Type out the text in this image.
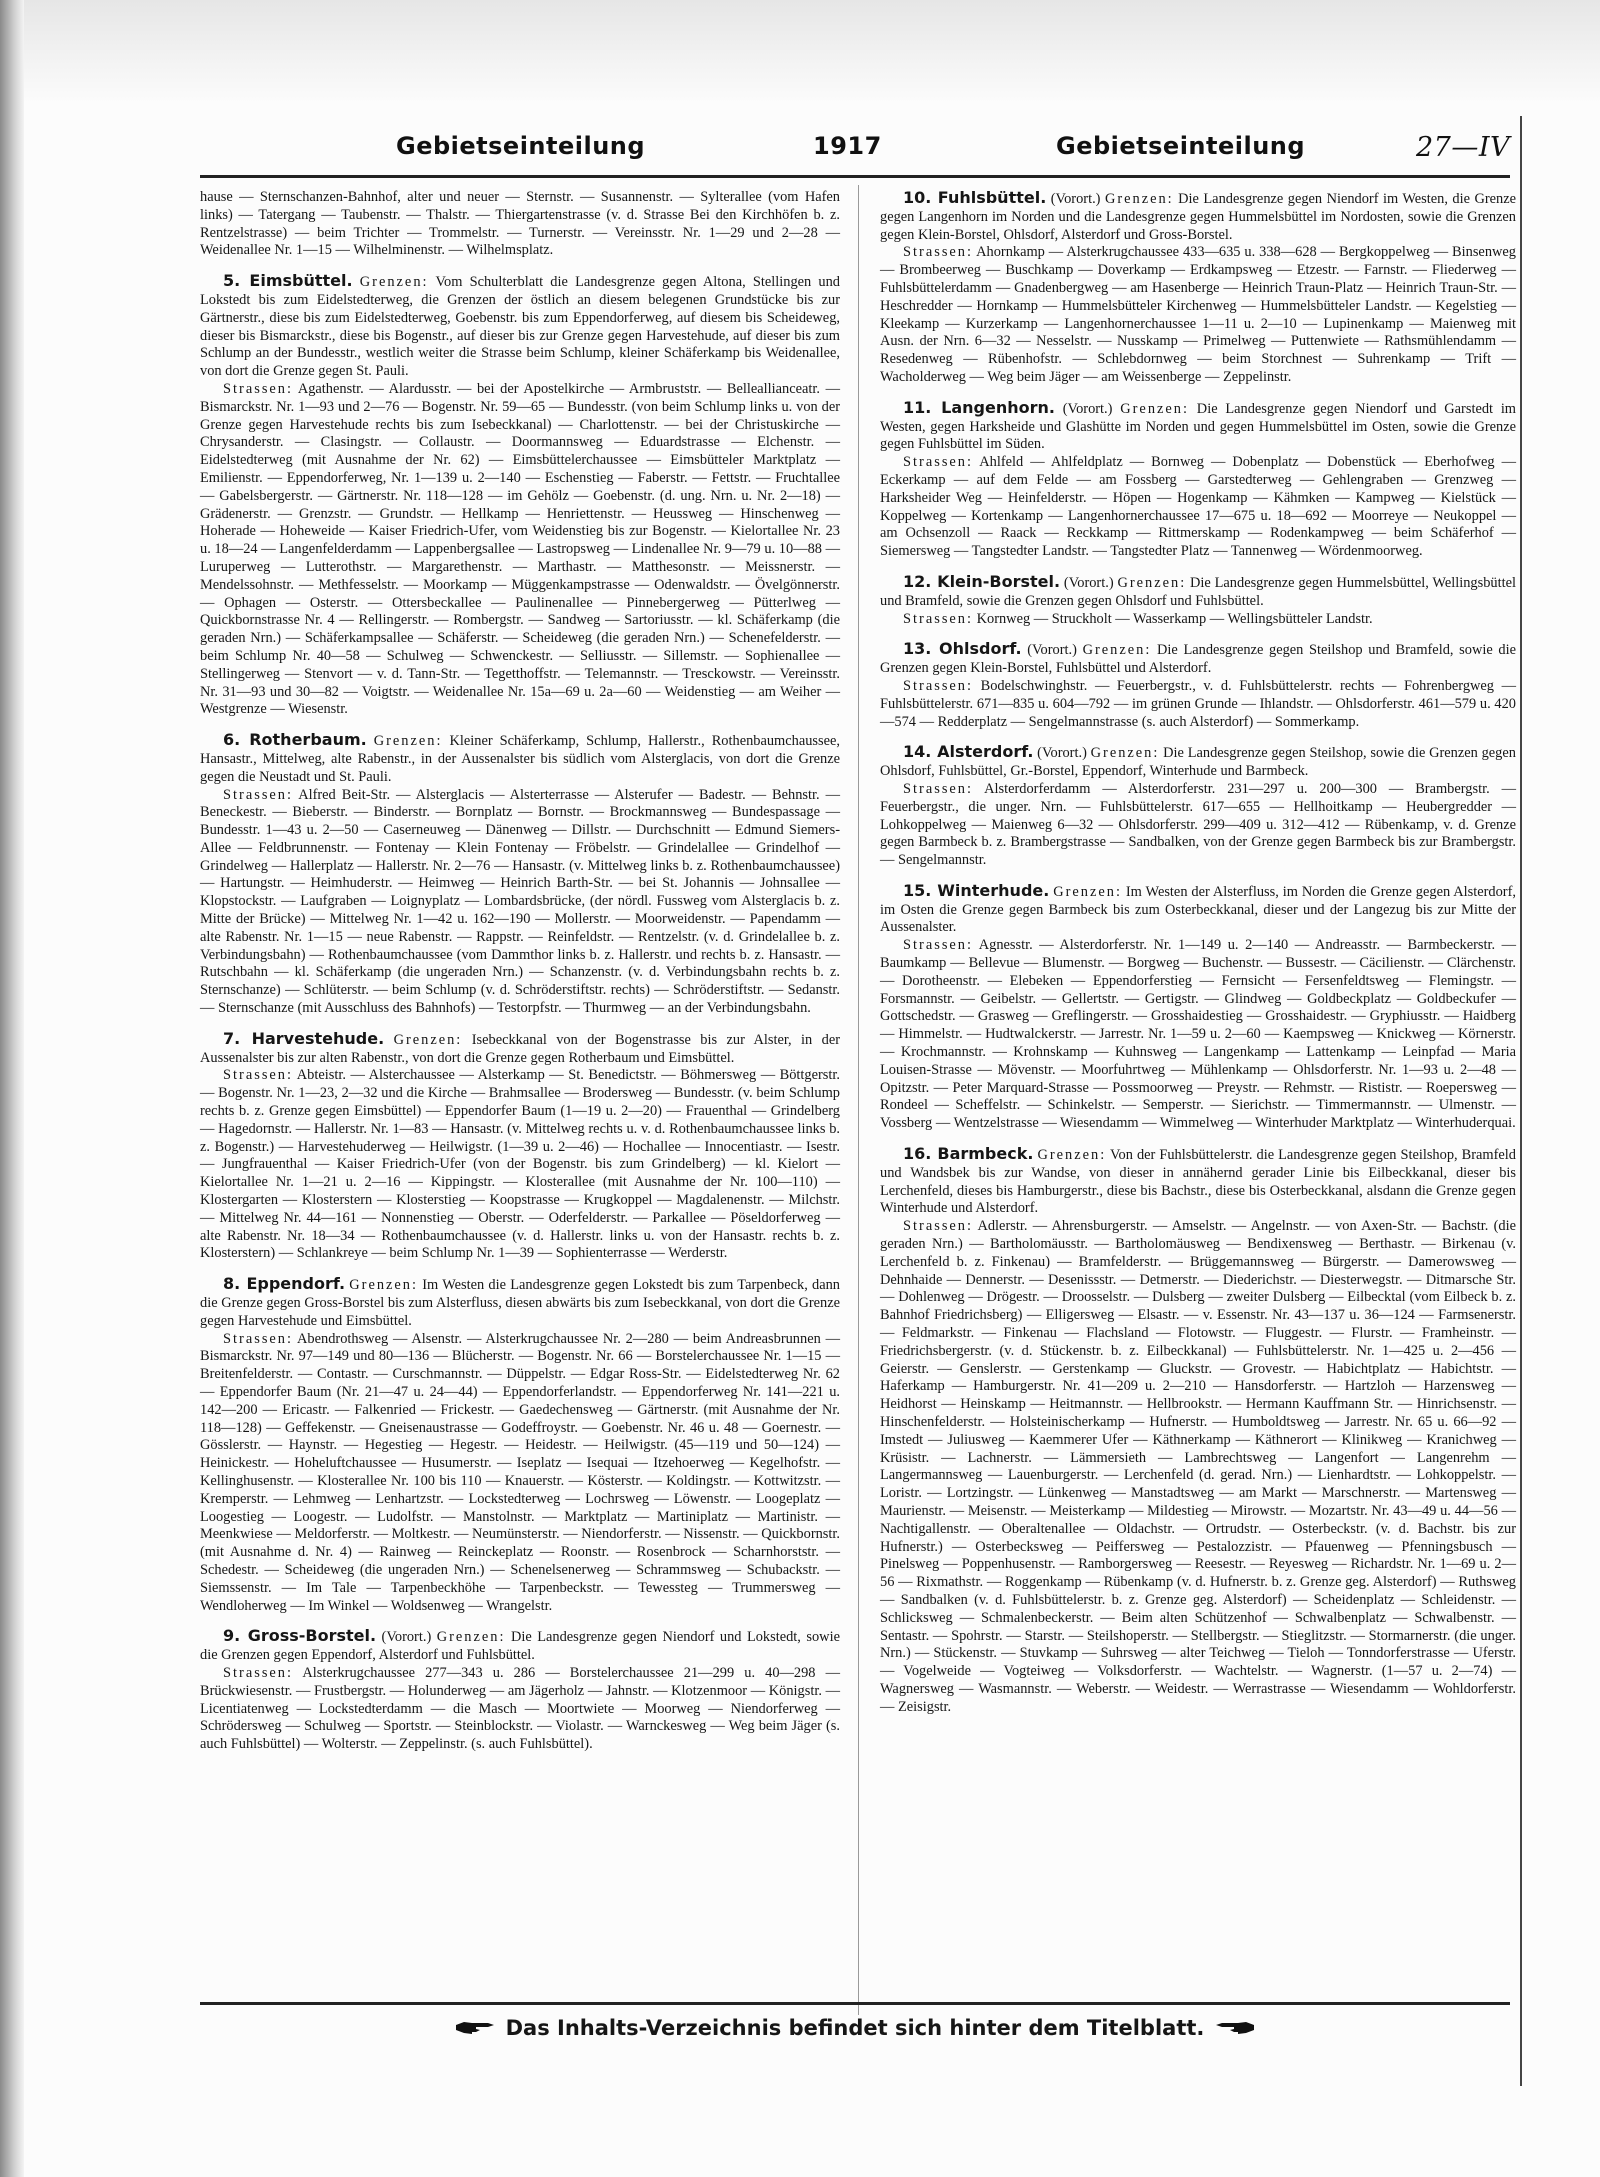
Gebietseinteilung	1917	Gebietseinteilung	27—IV

hause — Sternschanzen-Bahnhof, alter und neuer — Sternstr. — Susannenstr. — Sylterallee (vom Hafen links) — Tatergang — Taubenstr. — Thalstr. — Thiergartenstrasse (v. d. Strasse Bei den Kirchhöfen b. z. Rentzelstrasse) — beim Trichter — Trommelstr. — Turnerstr. — Vereinsstr. Nr. 1—29 und 2—28 — Weidenallee Nr. 1—15 — Wilhelminenstr. — Wilhelmsplatz.

5. Eimsbüttel. Grenzen: Vom Schulterblatt die Landesgrenze gegen Altona, Stellingen und Lokstedt bis zum Eidelstedterweg, die Grenzen der östlich an diesem belegenen Grundstücke bis zur Gärtnerstr., diese bis zum Eidelstedterweg, Goebenstr. bis zum Eppendorferweg, auf diesem bis Scheideweg, dieser bis Bismarckstr., diese bis Bogenstr., auf dieser bis zur Grenze gegen Harvestehude, auf dieser bis zum Schlump an der Bundesstr., westlich weiter die Strasse beim Schlump, kleiner Schäferkamp bis Weidenallee, von dort die Grenze gegen St. Pauli.

Strassen: Agathenstr. — Alardusstr. — bei der Apostelkirche — Armbruststr. — Belleallianceatr. — Bismarckstr. Nr. 1—93 und 2—76 — Bogenstr. Nr. 59—65 — Bundesstr. (von beim Schlump links u. von der Grenze gegen Harvestehude rechts bis zum Isebeckkanal) — Charlottenstr. — bei der Christuskirche — Chrysanderstr. — Clasingstr. — Collaustr. — Doormannsweg — Eduardstrasse — Elchenstr. — Eidelstedterweg (mit Ausnahme der Nr. 62) — Eimsbüttelerchaussee — Eimsbütteler Marktplatz — Emilienstr. — Eppendorferweg, Nr. 1—139 u. 2—140 — Eschenstieg — Faberstr. — Fettstr. — Fruchtallee — Gabelsbergerstr. — Gärtnerstr. Nr. 118—128 — im Gehölz — Goebenstr. (d. ung. Nrn. u. Nr. 2—18) — Grädenerstr. — Grenzstr. — Grundstr. — Hellkamp — Henriettenstr. — Heussweg — Hinschenweg — Hoherade — Hoheweide — Kaiser Friedrich-Ufer, vom Weidenstieg bis zur Bogenstr. — Kielortallee Nr. 23 u. 18—24 — Langenfelderdamm — Lappenbergsallee — Lastropsweg — Lindenallee Nr. 9—79 u. 10—88 — Luruperweg — Lutterothstr. — Margarethenstr. — Marthastr. — Matthesonstr. — Meissnerstr. — Mendelssohnstr. — Methfesselstr. — Moorkamp — Müggenkampstrasse — Odenwaldstr. — Övelgönnerstr. — Ophagen — Osterstr. — Ottersbeckallee — Paulinenallee — Pinnebergerweg — Pütterlweg — Quickbornstrasse Nr. 4 — Rellingerstr. — Rombergstr. — Sandweg — Sartoriusstr. — kl. Schäferkamp (die geraden Nrn.) — Schäferkampsallee — Schäferstr. — Scheideweg (die geraden Nrn.) — Schenefelderstr. — beim Schlump Nr. 40—58 — Schulweg — Schwenckestr. — Selliusstr. — Sillemstr. — Sophienallee — Stellingerweg — Stenvort — v. d. Tann-Str. — Tegetthoffstr. — Telemannstr. — Tresckowstr. — Vereinsstr. Nr. 31—93 und 30—82 — Voigtstr. — Weidenallee Nr. 15a—69 u. 2a—60 — Weidenstieg — am Weiher — Westgrenze — Wiesenstr.

6. Rotherbaum. Grenzen: Kleiner Schäferkamp, Schlump, Hallerstr., Rothenbaumchaussee, Hansastr., Mittelweg, alte Rabenstr., in der Aussenalster bis südlich vom Alsterglacis, von dort die Grenze gegen die Neustadt und St. Pauli.

Strassen: Alfred Beit-Str. — Alsterglacis — Alsterterrasse — Alsterufer — Badestr. — Behnstr. — Beneckestr. — Bieberstr. — Binderstr. — Bornplatz — Bornstr. — Brockmannsweg — Bundespassage — Bundesstr. 1—43 u. 2—50 — Caserneuweg — Dänenweg — Dillstr. — Durchschnitt — Edmund Siemers-Allee — Feldbrunnenstr. — Fontenay — Klein Fontenay — Fröbelstr. — Grindelallee — Grindelhof — Grindelweg — Hallerplatz — Hallerstr. Nr. 2—76 — Hansastr. (v. Mittelweg links b. z. Rothenbaumchaussee) — Hartungstr. — Heimhuderstr. — Heimweg — Heinrich Barth-Str. — bei St. Johannis — Johnsallee — Klopstockstr. — Laufgraben — Loignyplatz — Lombardsbrücke, (der nördl. Fussweg vom Alsterglacis b. z. Mitte der Brücke) — Mittelweg Nr. 1—42 u. 162—190 — Mollerstr. — Moorweidenstr. — Papendamm — alte Rabenstr. Nr. 1—15 — neue Rabenstr. — Rappstr. — Reinfeldstr. — Rentzelstr. (v. d. Grindelallee b. z. Verbindungsbahn) — Rothenbaumchaussee (vom Dammthor links b. z. Hallerstr. und rechts b. z. Hansastr. — Rutschbahn — kl. Schäferkamp (die ungeraden Nrn.) — Schanzenstr. (v. d. Verbindungsbahn rechts b. z. Sternschanze) — Schlüterstr. — beim Schlump (v. d. Schröderstiftstr. rechts) — Schröderstiftstr. — Sedanstr. — Sternschanze (mit Ausschluss des Bahnhofs) — Testorpfstr. — Thurmweg — an der Verbindungsbahn.

7. Harvestehude. Grenzen: Isebeckkanal von der Bogenstrasse bis zur Alster, in der Aussenalster bis zur alten Rabenstr., von dort die Grenze gegen Rotherbaum und Eimsbüttel.

Strassen: Abteistr. — Alsterchaussee — Alsterkamp — St. Benedictstr. — Böhmersweg — Böttgerstr. — Bogenstr. Nr. 1—23, 2—32 und die Kirche — Brahmsallee — Brodersweg — Bundesstr. (v. beim Schlump rechts b. z. Grenze gegen Eimsbüttel) — Eppendorfer Baum (1—19 u. 2—20) — Frauenthal — Grindelberg — Hagedornstr. — Hallerstr. Nr. 1—83 — Hansastr. (v. Mittelweg rechts u. v. d. Rothenbaumchaussee links b. z. Bogenstr.) — Harvestehuderweg — Heilwigstr. (1—39 u. 2—46) — Hochallee — Innocentiastr. — Isestr. — Jungfrauenthal — Kaiser Friedrich-Ufer (von der Bogenstr. bis zum Grindelberg) — kl. Kielort — Kielortallee Nr. 1—21 u. 2—16 — Kippingstr. — Klosterallee (mit Ausnahme der Nr. 100—110) — Klostergarten — Klosterstern — Klosterstieg — Koopstrasse — Krugkoppel — Magdalenenstr. — Milchstr. — Mittelweg Nr. 44—161 — Nonnenstieg — Oberstr. — Oderfelderstr. — Parkallee — Pöseldorferweg — alte Rabenstr. Nr. 18—34 — Rothenbaumchaussee (v. d. Hallerstr. links u. von der Hansastr. rechts b. z. Klosterstern) — Schlankreye — beim Schlump Nr. 1—39 — Sophienterrasse — Werderstr.

8. Eppendorf. Grenzen: Im Westen die Landesgrenze gegen Lokstedt bis zum Tarpenbeck, dann die Grenze gegen Gross-Borstel bis zum Alsterfluss, diesen abwärts bis zum Isebeckkanal, von dort die Grenze gegen Harvestehude und Eimsbüttel.

Strassen: Abendrothsweg — Alsenstr. — Alsterkrugchaussee Nr. 2—280 — beim Andreasbrunnen — Bismarckstr. Nr. 97—149 und 80—136 — Blücherstr. — Bogenstr. Nr. 66 — Borstelerchaussee Nr. 1—15 — Breitenfelderstr. — Contastr. — Curschmannstr. — Düppelstr. — Edgar Ross-Str. — Eidelstedterweg Nr. 62 — Eppendorfer Baum (Nr. 21—47 u. 24—44) — Eppendorferlandstr. — Eppendorferweg Nr. 141—221 u. 142—200 — Ericastr. — Falkenried — Frickestr. — Gaedechensweg — Gärtnerstr. (mit Ausnahme der Nr. 118—128) — Geffekenstr. — Gneisenaustrasse — Godeffroystr. — Goebenstr. Nr. 46 u. 48 — Goernestr. — Gösslerstr. — Haynstr. — Hegestieg — Hegestr. — Heidestr. — Heilwigstr. (45—119 und 50—124) — Heinickestr. — Hoheluftchaussee — Husumerstr. — Iseplatz — Isequai — Itzehoerweg — Kegelhofstr. — Kellinghusenstr. — Klosterallee Nr. 100 bis 110 — Knauerstr. — Kösterstr. — Koldingstr. — Kottwitzstr. — Kremperstr. — Lehmweg — Lenhartzstr. — Lockstedterweg — Lochrsweg — Löwenstr. — Loogeplatz — Loogestieg — Loogestr. — Ludolfstr. — Manstolnstr. — Marktplatz — Martiniplatz — Martinistr. — Meenkwiese — Meldorferstr. — Moltkestr. — Neumünsterstr. — Niendorferstr. — Nissenstr. — Quickbornstr. (mit Ausnahme d. Nr. 4) — Rainweg — Reinckeplatz — Roonstr. — Rosenbrock — Scharnhorststr. — Schedestr. — Scheideweg (die ungeraden Nrn.) — Schenelsenerweg — Schrammsweg — Schubackstr. — Siemssenstr. — Im Tale — Tarpenbeckhöhe — Tarpenbeckstr. — Tewessteg — Trummersweg — Wendloherweg — Im Winkel — Woldsenweg — Wrangelstr.

9. Gross-Borstel. (Vorort.) Grenzen: Die Landesgrenze gegen Niendorf und Lokstedt, sowie die Grenzen gegen Eppendorf, Alsterdorf und Fuhlsbüttel.

Strassen: Alsterkrugchaussee 277—343 u. 286 — Borstelerchaussee 21—299 u. 40—298 — Brückwiesenstr. — Frustbergstr. — Holunderweg — am Jägerholz — Jahnstr. — Klotzenmoor — Königstr. — Licentiatenweg — Lockstedterdamm — die Masch — Moortwiete — Moorweg — Niendorferweg — Schrödersweg — Schulweg — Sportstr. — Steinblockstr. — Violastr. — Warnckesweg — Weg beim Jäger (s. auch Fuhlsbüttel) — Wolterstr. — Zeppelinstr. (s. auch Fuhlsbüttel).

10. Fuhlsbüttel. (Vorort.) Grenzen: Die Landesgrenze gegen Niendorf im Westen, die Grenze gegen Langenhorn im Norden und die Landesgrenze gegen Hummelsbüttel im Nordosten, sowie die Grenzen gegen Klein-Borstel, Ohlsdorf, Alsterdorf und Gross-Borstel.

Strassen: Ahornkamp — Alsterkrugchaussee 433—635 u. 338—628 — Bergkoppelweg — Binsenweg — Brombeerweg — Buschkamp — Doverkamp — Erdkampsweg — Etzestr. — Farnstr. — Fliederweg — Fuhlsbüttelerdamm — Gnadenbergweg — am Hasenberge — Heinrich Traun-Platz — Heinrich Traun-Str. — Heschredder — Hornkamp — Hummelsbütteler Kirchenweg — Hummelsbütteler Landstr. — Kegelstieg — Kleekamp — Kurzerkamp — Langenhornerchaussee 1—11 u. 2—10 — Lupinenkamp — Maienweg mit Ausn. der Nrn. 6—32 — Nesselstr. — Nusskamp — Primelweg — Puttenwiete — Rathsmühlendamm — Resedenweg — Rübenhofstr. — Schlebdornweg — beim Storchnest — Suhrenkamp — Trift — Wacholderweg — Weg beim Jäger — am Weissenberge — Zeppelinstr.

11. Langenhorn. (Vorort.) Grenzen: Die Landesgrenze gegen Niendorf und Garstedt im Westen, gegen Harksheide und Glashütte im Norden und gegen Hummelsbüttel im Osten, sowie die Grenze gegen Fuhlsbüttel im Süden.

Strassen: Ahlfeld — Ahlfeldplatz — Bornweg — Dobenplatz — Dobenstück — Eberhofweg — Eckerkamp — auf dem Felde — am Fossberg — Garstedterweg — Gehlengraben — Grenzweg — Harksheider Weg — Heinfelderstr. — Höpen — Hogenkamp — Kähmken — Kampweg — Kielstück — Koppelweg — Kortenkamp — Langenhornerchaussee 17—675 u. 18—692 — Moorreye — Neukoppel — am Ochsenzoll — Raack — Reckkamp — Rittmerskamp — Rodenkampweg — beim Schäferhof — Siemersweg — Tangstedter Landstr. — Tangstedter Platz — Tannenweg — Wördenmoorweg.

12. Klein-Borstel. (Vorort.) Grenzen: Die Landesgrenze gegen Hummelsbüttel, Wellingsbüttel und Bramfeld, sowie die Grenzen gegen Ohlsdorf und Fuhlsbüttel.

Strassen: Kornweg — Struckholt — Wasserkamp — Wellingsbütteler Landstr.

13. Ohlsdorf. (Vorort.) Grenzen: Die Landesgrenze gegen Steilshop und Bramfeld, sowie die Grenzen gegen Klein-Borstel, Fuhlsbüttel und Alsterdorf.

Strassen: Bodelschwinghstr. — Feuerbergstr., v. d. Fuhlsbüttelerstr. rechts — Fohrenbergweg — Fuhlsbüttelerstr. 671—835 u. 604—792 — im grünen Grunde — Ihlandstr. — Ohlsdorferstr. 461—579 u. 420—574 — Redderplatz — Sengelmannstrasse (s. auch Alsterdorf) — Sommerkamp.

14. Alsterdorf. (Vorort.) Grenzen: Die Landesgrenze gegen Steilshop, sowie die Grenzen gegen Ohlsdorf, Fuhlsbüttel, Gr.-Borstel, Eppendorf, Winterhude und Barmbeck.

Strassen: Alsterdorferdamm — Alsterdorferstr. 231—297 u. 200—300 — Brambergstr. — Feuerbergstr., die unger. Nrn. — Fuhlsbüttelerstr. 617—655 — Hellhoitkamp — Heubergredder — Lohkoppelweg — Maienweg 6—32 — Ohlsdorferstr. 299—409 u. 312—412 — Rübenkamp, v. d. Grenze gegen Barmbeck b. z. Brambergstrasse — Sandbalken, von der Grenze gegen Barmbeck bis zur Brambergstr. — Sengelmannstr.

15. Winterhude. Grenzen: Im Westen der Alsterfluss, im Norden die Grenze gegen Alsterdorf, im Osten die Grenze gegen Barmbeck bis zum Osterbeckkanal, dieser und der Langezug bis zur Mitte der Aussenalster.

Strassen: Agnesstr. — Alsterdorferstr. Nr. 1—149 u. 2—140 — Andreasstr. — Barmbeckerstr. — Baumkamp — Bellevue — Blumenstr. — Borgweg — Buchenstr. — Bussestr. — Cäcilienstr. — Clärchenstr. — Dorotheenstr. — Elebeken — Eppendorferstieg — Fernsicht — Fersenfeldtsweg — Flemingstr. — Forsmannstr. — Geibelstr. — Gellertstr. — Gertigstr. — Glindweg — Goldbeckplatz — Goldbeckufer — Gottschedstr. — Grasweg — Greflingerstr. — Grosshaidestieg — Grosshaidestr. — Gryphiusstr. — Haidberg — Himmelstr. — Hudtwalckerstr. — Jarrestr. Nr. 1—59 u. 2—60 — Kaempsweg — Knickweg — Körnerstr. — Krochmannstr. — Krohnskamp — Kuhnsweg — Langenkamp — Lattenkamp — Leinpfad — Maria Louisen-Strasse — Mövenstr. — Moorfuhrtweg — Mühlenkamp — Ohlsdorferstr. Nr. 1—93 u. 2—48 — Opitzstr. — Peter Marquard-Strasse — Possmoorweg — Preystr. — Rehmstr. — Rististr. — Roepersweg — Rondeel — Scheffelstr. — Schinkelstr. — Semperstr. — Sierichstr. — Timmermannstr. — Ulmenstr. — Vossberg — Wentzelstrasse — Wiesendamm — Wimmelweg — Winterhuder Marktplatz — Winterhuderquai.

16. Barmbeck. Grenzen: Von der Fuhlsbüttelerstr. die Landesgrenze gegen Steilshop, Bramfeld und Wandsbek bis zur Wandse, von dieser in annähernd gerader Linie bis Eilbeckkanal, dieser bis Lerchenfeld, dieses bis Hamburgerstr., diese bis Bachstr., diese bis Osterbeckkanal, alsdann die Grenze gegen Winterhude und Alsterdorf.

Strassen: Adlerstr. — Ahrensburgerstr. — Amselstr. — Angelnstr. — von Axen-Str. — Bachstr. (die geraden Nrn.) — Bartholomäusstr. — Bartholomäusweg — Bendixensweg — Berthastr. — Birkenau (v. Lerchenfeld b. z. Finkenau) — Bramfelderstr. — Brüggemannsweg — Bürgerstr. — Damerowsweg — Dehnhaide — Dennerstr. — Desenissstr. — Detmerstr. — Diederichstr. — Diesterwegstr. — Ditmarsche Str. — Dohlenweg — Drögestr. — Droosselstr. — Dulsberg — zweiter Dulsberg — Eilbecktal (vom Eilbeck b. z. Bahnhof Friedrichsberg) — Elligersweg — Elsastr. — v. Essenstr. Nr. 43—137 u. 36—124 — Farmsenerstr. — Feldmarkstr. — Finkenau — Flachsland — Flotowstr. — Fluggestr. — Flurstr. — Framheinstr. — Friedrichsbergerstr. (v. d. Stückenstr. b. z. Eilbeckkanal) — Fuhlsbüttelerstr. Nr. 1—425 u. 2—456 — Geierstr. — Genslerstr. — Gerstenkamp — Gluckstr. — Grovestr. — Habichtplatz — Habichtstr. — Haferkamp — Hamburgerstr. Nr. 41—209 u. 2—210 — Hansdorferstr. — Hartzloh — Harzensweg — Heidhorst — Heinskamp — Heitmannstr. — Hellbrookstr. — Hermann Kauffmann Str. — Hinrichsenstr. — Hinschenfelderstr. — Holsteinischerkamp — Hufnerstr. — Humboldtsweg — Jarrestr. Nr. 65 u. 66—92 — Imstedt — Juliusweg — Kaemmerer Ufer — Käthnerkamp — Käthnerort — Klinikweg — Kranichweg — Krüsistr. — Lachnerstr. — Lämmersieth — Lambrechtsweg — Langenfort — Langenrehm — Langermannsweg — Lauenburgerstr. — Lerchenfeld (d. gerad. Nrn.) — Lienhardtstr. — Lohkoppelstr. — Loristr. — Lortzingstr. — Lünkenweg — Manstadtsweg — am Markt — Marschnerstr. — Martensweg — Maurienstr. — Meisenstr. — Meisterkamp — Mildestieg — Mirowstr. — Mozartstr. Nr. 43—49 u. 44—56 — Nachtigallenstr. — Oberaltenallee — Oldachstr. — Ortrudstr. — Osterbeckstr. (v. d. Bachstr. bis zur Hufnerstr.) — Osterbecksweg — Peiffersweg — Pestalozzistr. — Pfauenweg — Pfenningsbusch — Pinelsweg — Poppenhusenstr. — Ramborgersweg — Reesestr. — Reyesweg — Richardstr. Nr. 1—69 u. 2—56 — Rixmathstr. — Roggenkamp — Rübenkamp (v. d. Hufnerstr. b. z. Grenze geg. Alsterdorf) — Ruthsweg — Sandbalken (v. d. Fuhlsbüttelerstr. b. z. Grenze geg. Alsterdorf) — Scheidenplatz — Schleidenstr. — Schlicksweg — Schmalenbeckerstr. — Beim alten Schützenhof — Schwalbenplatz — Schwalbenstr. — Sentastr. — Spohrstr. — Starstr. — Steilshoperstr. — Stellbergstr. — Stieglitzstr. — Stormarnerstr. (die unger. Nrn.) — Stückenstr. — Stuvkamp — Suhrsweg — alter Teichweg — Tieloh — Tonndorferstrasse — Uferstr. — Vogelweide — Vogteiweg — Volksdorferstr. — Wachtelstr. — Wagnerstr. (1—57 u. 2—74) — Wagnersweg — Wasmannstr. — Weberstr. — Weidestr. — Werrastrasse — Wiesendamm — Wohldorferstr. — Zeisigstr.

Das Inhalts-Verzeichnis befindet sich hinter dem Titelblatt.
